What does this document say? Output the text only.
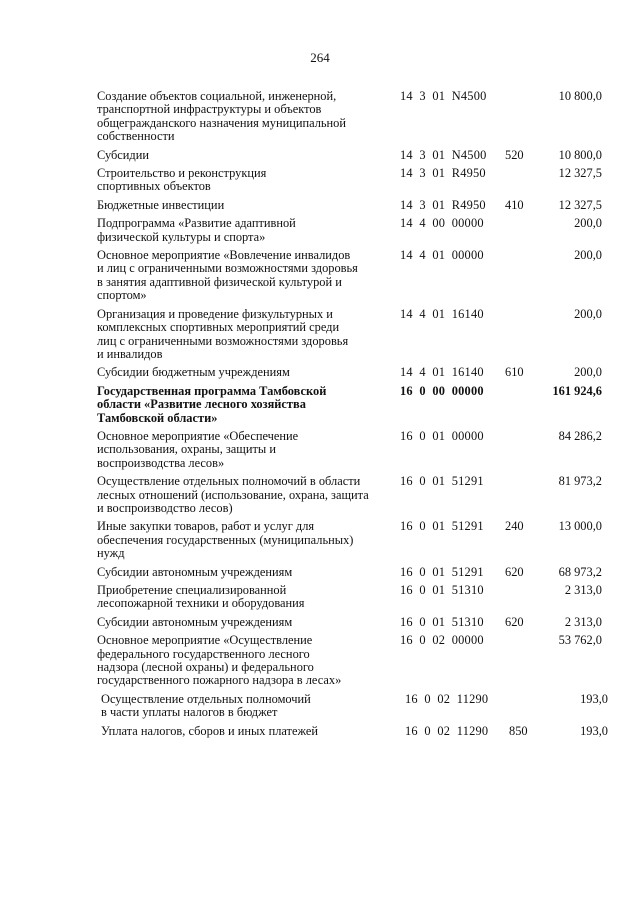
264
Создание объектов социальной, инженерной,
транспортной инфраструктуры и объектов
общегражданского назначения муниципальной
собственности
14  3  01  N4500	10 800,0
Субсидии	14  3  01  N4500 520	10 800,0
Строительство и реконструкция
спортивных объектов
14  3  01  R4950	12 327,5
Бюджетные инвестиции	14  3  01  R4950 410	12 327,5
Подпрограмма «Развитие адаптивной
физической культуры и спорта»
14  4  00  00000	200,0
Основное мероприятие «Вовлечение инвалидов
и лиц с ограниченными возможностями здоровья
в занятия адаптивной физической культурой и
спортом»
14  4  01  00000	200,0
Организация и проведение физкультурных и
комплексных спортивных мероприятий среди
лиц с ограниченными возможностями здоровья
и инвалидов
14  4  01  16140	200,0
Субсидии бюджетным учреждениям	14  4  01  16140 610	200,0
Государственная программа Тамбовской
области «Развитие лесного хозяйства
Тамбовской области»
16  0  00  00000	161 924,6
Основное мероприятие «Обеспечение
использования, охраны, защиты и
воспроизводства лесов»
16  0  01  00000	84 286,2
Осуществление отдельных полномочий в области
лесных отношений (использование, охрана, защита
и воспроизводство лесов)
16  0  01  51291	81 973,2
Иные закупки товаров, работ и услуг для
обеспечения государственных (муниципальных)
нужд
16  0  01  51291 240	13 000,0
Субсидии автономным учреждениям	16  0  01  51291 620	68 973,2
Приобретение специализированной
лесопожарной техники и оборудования
16  0  01  51310	2 313,0
Субсидии автономным учреждениям	16  0  01  51310 620	2 313,0
Основное мероприятие «Осуществление
федерального государственного лесного
надзора (лесной охраны) и федерального
государственного пожарного надзора в лесах»
16  0  02  00000	53 762,0
Осуществление отдельных полномочий
в части уплаты налогов в бюджет
16  0  02  11290	193,0
Уплата налогов, сборов и иных платежей	16  0  02  11290 850	193,0
